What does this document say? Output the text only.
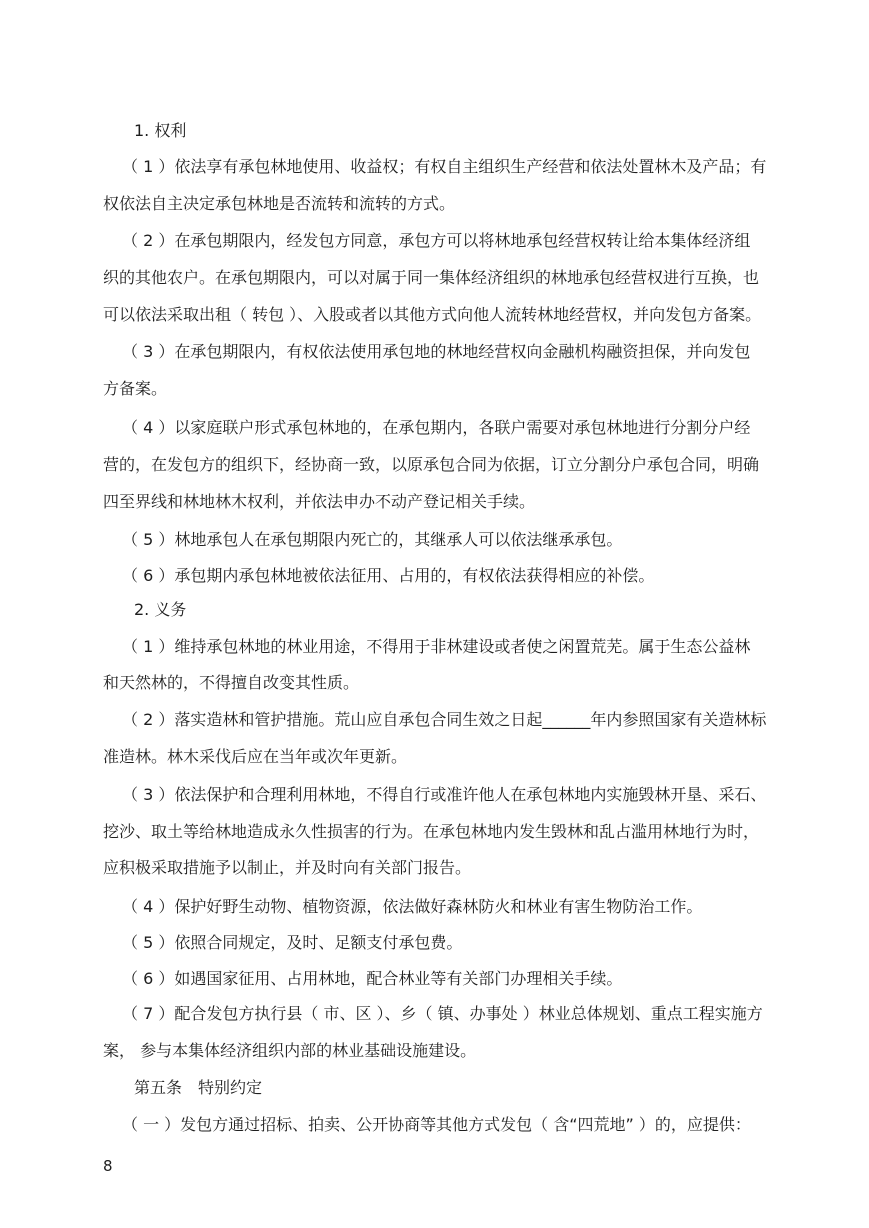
1. 权利
（ 1 ）依法享有承包林地使用、收益权；有权自主组织生产经营和依法处置林木及产品；有
权依法自主决定承包林地是否流转和流转的方式。
（ 2 ）在承包期限内，经发包方同意，承包方可以将林地承包经营权转让给本集体经济组
织的其他农户。在承包期限内，可以对属于同一集体经济组织的林地承包经营权进行互换，也
可以依法采取出租（ 转包 ）、入股或者以其他方式向他人流转林地经营权，并向发包方备案。
（ 3 ）在承包期限内，有权依法使用承包地的林地经营权向金融机构融资担保，并向发包
方备案。
（ 4 ）以家庭联户形式承包林地的，在承包期内，各联户需要对承包林地进行分割分户经
营的，在发包方的组织下，经协商一致，以原承包合同为依据，订立分割分户承包合同，明确
四至界线和林地林木权利，并依法申办不动产登记相关手续。
（ 5 ）林地承包人在承包期限内死亡的，其继承人可以依法继承承包。
（ 6 ）承包期内承包林地被依法征用、占用的，有权依法获得相应的补偿。
2. 义务
（ 1 ）维持承包林地的林业用途，不得用于非林建设或者使之闲置荒芜。属于生态公益林
和天然林的，不得擅自改变其性质。
（ 2 ）落实造林和管护措施。荒山应自承包合同生效之日起______年内参照国家有关造林标
准造林。林木采伐后应在当年或次年更新。
（ 3 ）依法保护和合理利用林地，不得自行或准许他人在承包林地内实施毁林开垦、采石、
挖沙、取土等给林地造成永久性损害的行为。在承包林地内发生毁林和乱占滥用林地行为时，
应积极采取措施予以制止，并及时向有关部门报告。
（ 4 ）保护好野生动物、植物资源，依法做好森林防火和林业有害生物防治工作。
（ 5 ）依照合同规定，及时、足额支付承包费。
（ 6 ）如遇国家征用、占用林地，配合林业等有关部门办理相关手续。
（ 7 ）配合发包方执行县（ 市、区 ）、乡（ 镇、办事处 ）林业总体规划、重点工程实施方
案， 参与本集体经济组织内部的林业基础设施建设。
第五条　特别约定
（ 一 ）发包方通过招标、拍卖、公开协商等其他方式发包（ 含“四荒地” ）的，应提供：
8
